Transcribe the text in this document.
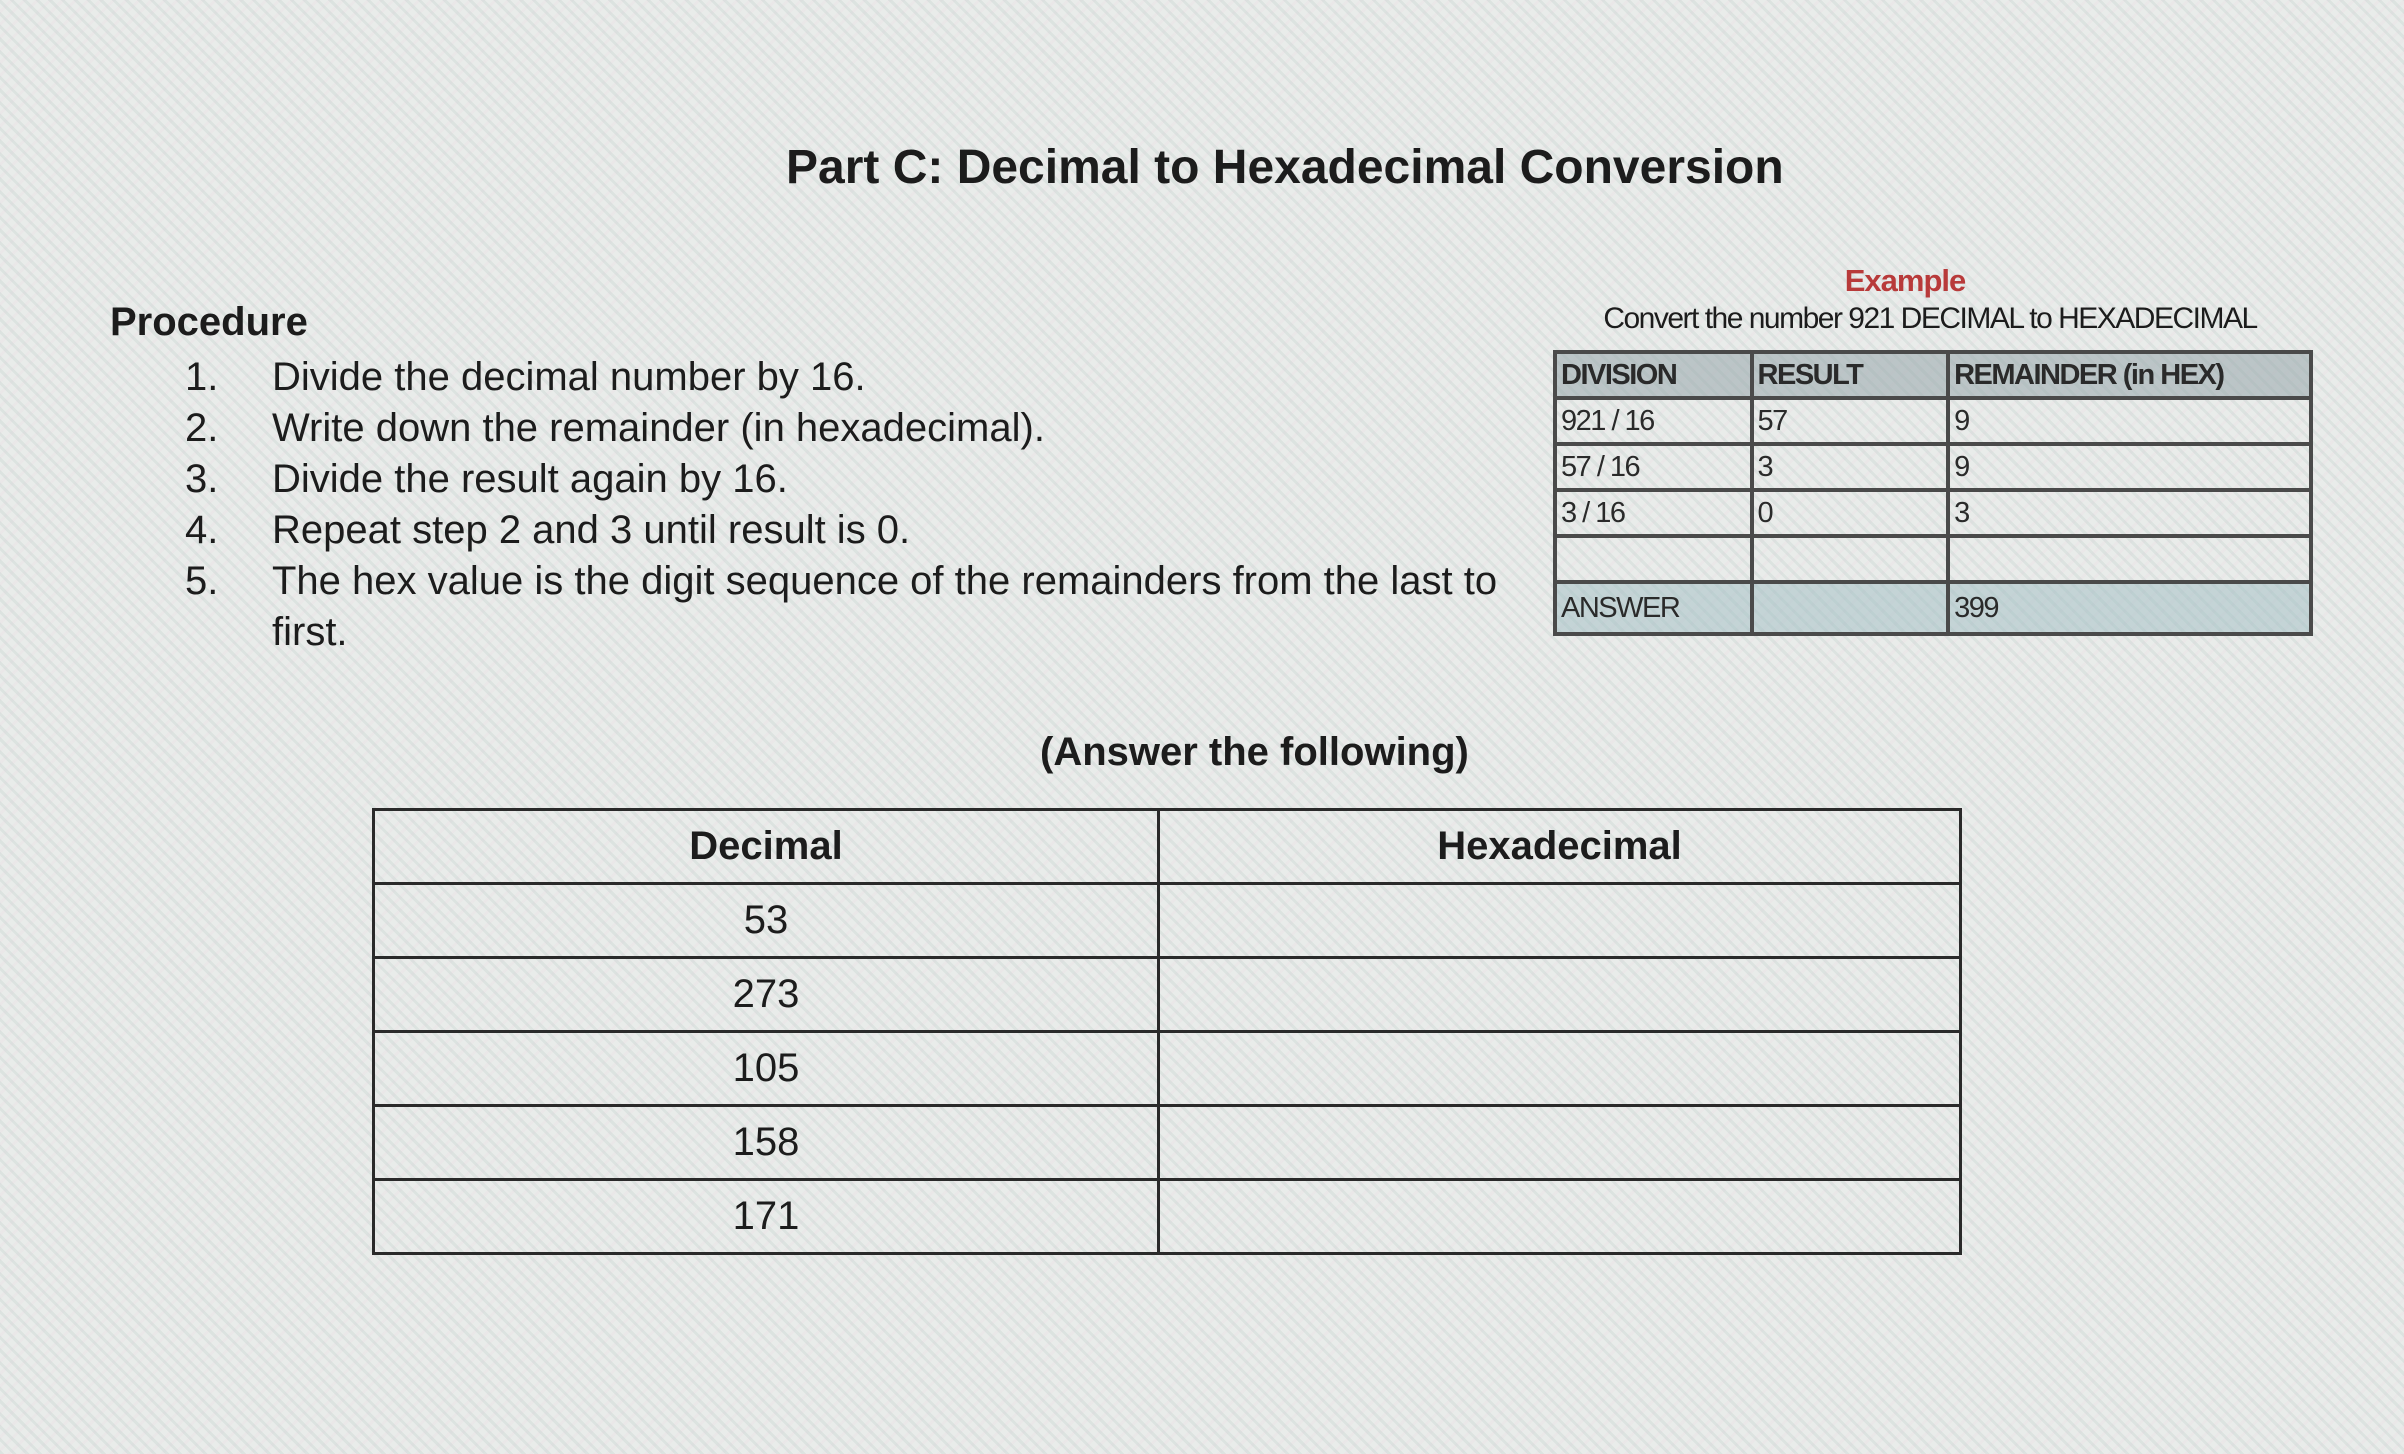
Part C: Decimal to Hexadecimal Conversion
Procedure
1. Divide the decimal number by 16.
2. Write down the remainder (in hexadecimal).
3. Divide the result again by 16.
4. Repeat step 2 and 3 until result is 0.
5. The hex value is the digit sequence of the remainders from the last to first.
Example
Convert the number 921 DECIMAL to HEXADECIMAL
DIVISION	RESULT	REMAINDER (in HEX)
921 / 16	57	9
57 / 16	3	9
3 / 16	0	3

ANSWER		399
(Answer the following)
Decimal	Hexadecimal
53	
273	
105	
158	
171	
